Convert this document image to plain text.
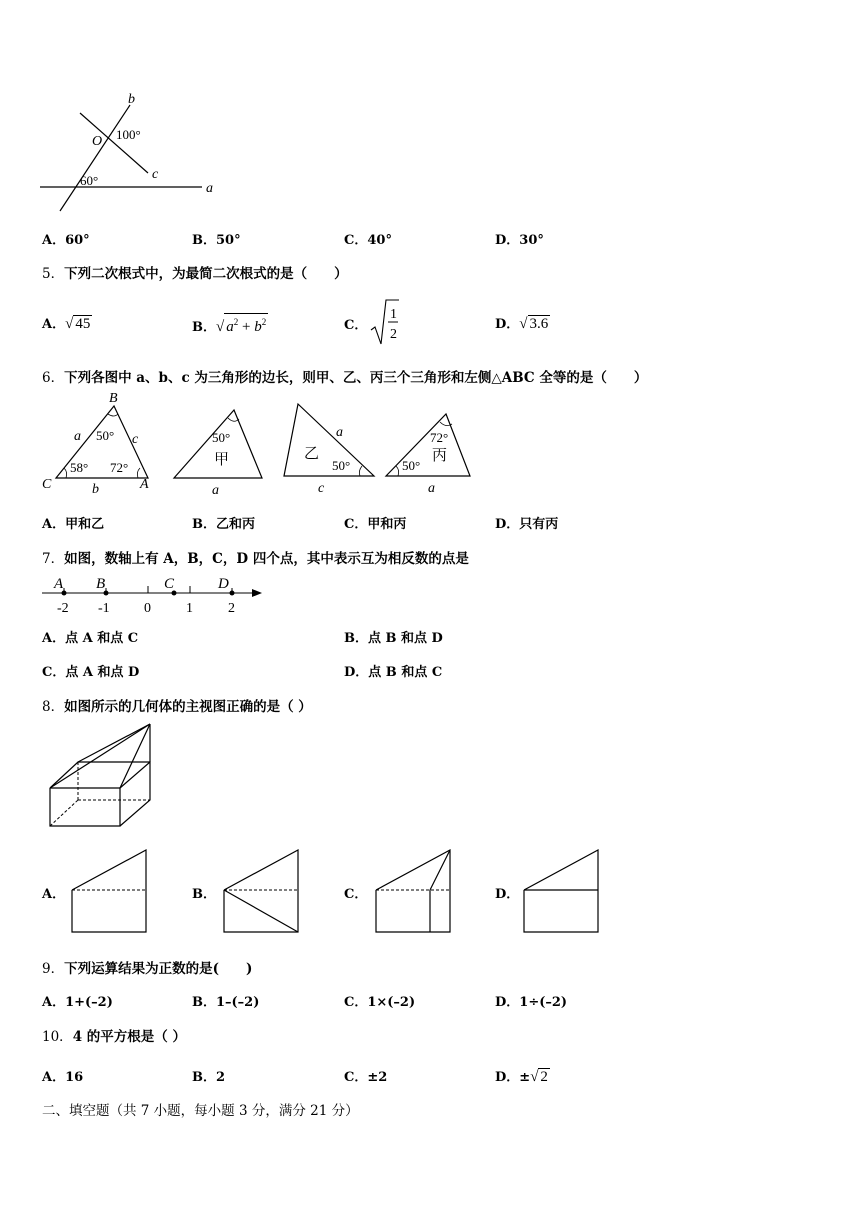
b
c
a
O 100°
60°
A．60°	B．50°	C．40°	D．30°
5．下列二次根式中，为最简二次根式的是（　　）
A．√ 45	B．√ $a^2 + b^2$	C．
1
2
D．√ 3.6
6．下列各图中 a、b、c 为三角形的边长，则甲、乙、丙三个三角形和左侧△ABC 全等的是（　　）
B
C	A
a	c
b
50°
58° 72°
50°
甲
a
乙
a
50°
c
72°
丙
50°
a
A．甲和乙	B．乙和丙	C．甲和丙	D．只有丙
7．如图，数轴上有 A，B，C，D 四个点，其中表示互为相反数的点是
A B	C	D
-2 -1 0	1	2
A．点 A 和点 C	B．点 B 和点 D
C．点 A 和点 D	D．点 B 和点 C
8．如图所示的几何体的主视图正确的是（ ）
A．	B．	C．	D．
9．下列运算结果为正数的是(　　)
A．1+(–2)	B．1–(–2)	C．1×(–2)	D．1÷(–2)
10．4 的平方根是（ ）
A．16	B．2	C．±2	D．±√ 2
二、填空题（共 7 小题，每小题 3 分，满分 21 分）
